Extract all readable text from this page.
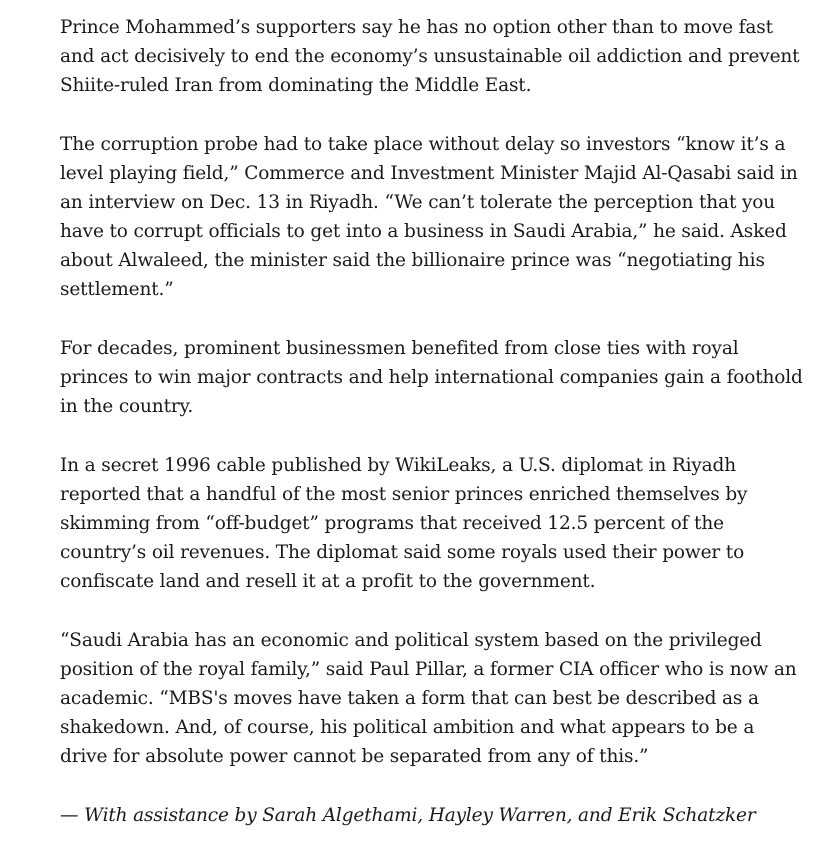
Prince Mohammed’s supporters say he has no option other than to move fast and act decisively to end the economy’s unsustainable oil addiction and prevent Shiite-ruled Iran from dominating the Middle East.

The corruption probe had to take place without delay so investors “know it’s a level playing field,” Commerce and Investment Minister Majid Al-Qasabi said in an interview on Dec. 13 in Riyadh. “We can’t tolerate the perception that you have to corrupt officials to get into a business in Saudi Arabia,” he said. Asked about Alwaleed, the minister said the billionaire prince was “negotiating his settlement.”

For decades, prominent businessmen benefited from close ties with royal princes to win major contracts and help international companies gain a foothold in the country.

In a secret 1996 cable published by WikiLeaks, a U.S. diplomat in Riyadh reported that a handful of the most senior princes enriched themselves by skimming from “off-budget” programs that received 12.5 percent of the country’s oil revenues. The diplomat said some royals used their power to confiscate land and resell it at a profit to the government.

“Saudi Arabia has an economic and political system based on the privileged position of the royal family,” said Paul Pillar, a former CIA officer who is now an academic. “MBS's moves have taken a form that can best be described as a shakedown. And, of course, his political ambition and what appears to be a drive for absolute power cannot be separated from any of this.”

— With assistance by Sarah Algethami, Hayley Warren, and Erik Schatzker
